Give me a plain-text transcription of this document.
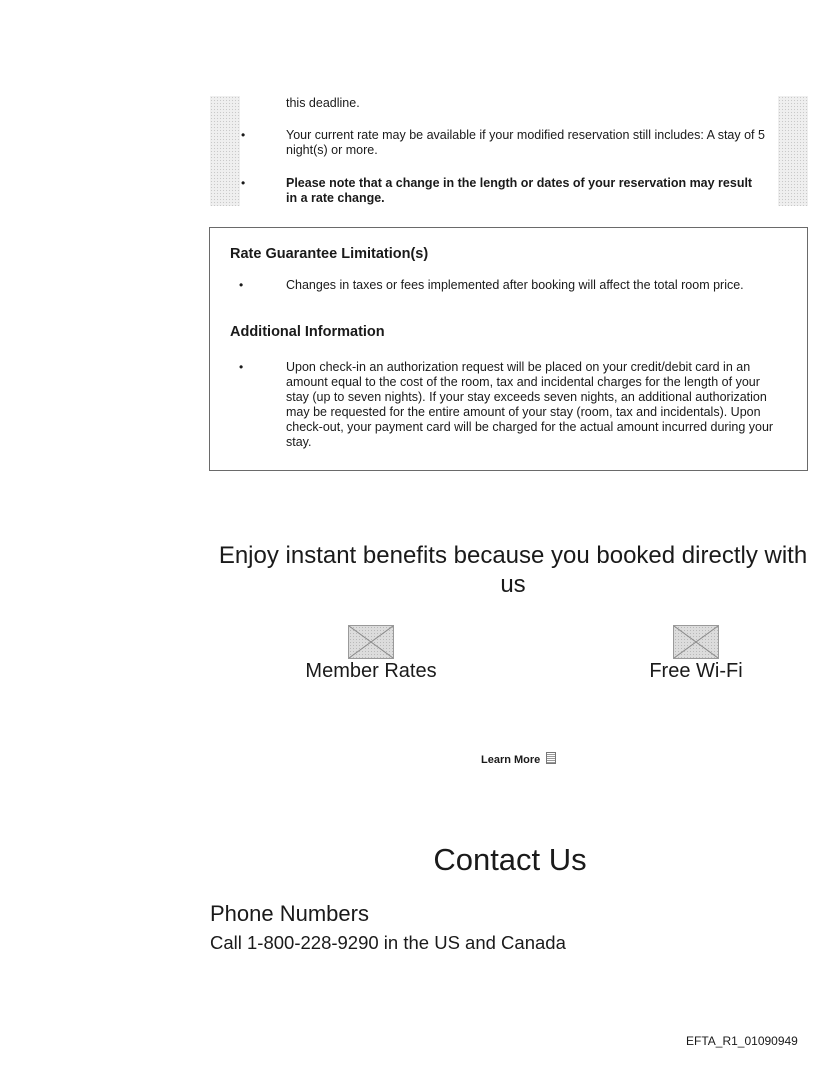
this deadline.
•	Your current rate may be available if your modified reservation still includes: A stay of 5 night(s) or more.
•	Please note that a change in the length or dates of your reservation may result in a rate change.
Rate Guarantee Limitation(s)
•	Changes in taxes or fees implemented after booking will affect the total room price.
Additional Information
•	Upon check-in an authorization request will be placed on your credit/debit card in an amount equal to the cost of the room, tax and incidental charges for the length of your stay (up to seven nights). If your stay exceeds seven nights, an additional authorization may be requested for the entire amount of your stay (room, tax and incidentals). Upon check-out, your payment card will be charged for the actual amount incurred during your stay.
Enjoy instant benefits because you booked directly with us
Member Rates	Free Wi-Fi
Learn More
Contact Us
Phone Numbers
Call 1-800-228-9290 in the US and Canada
EFTA_R1_01090949
